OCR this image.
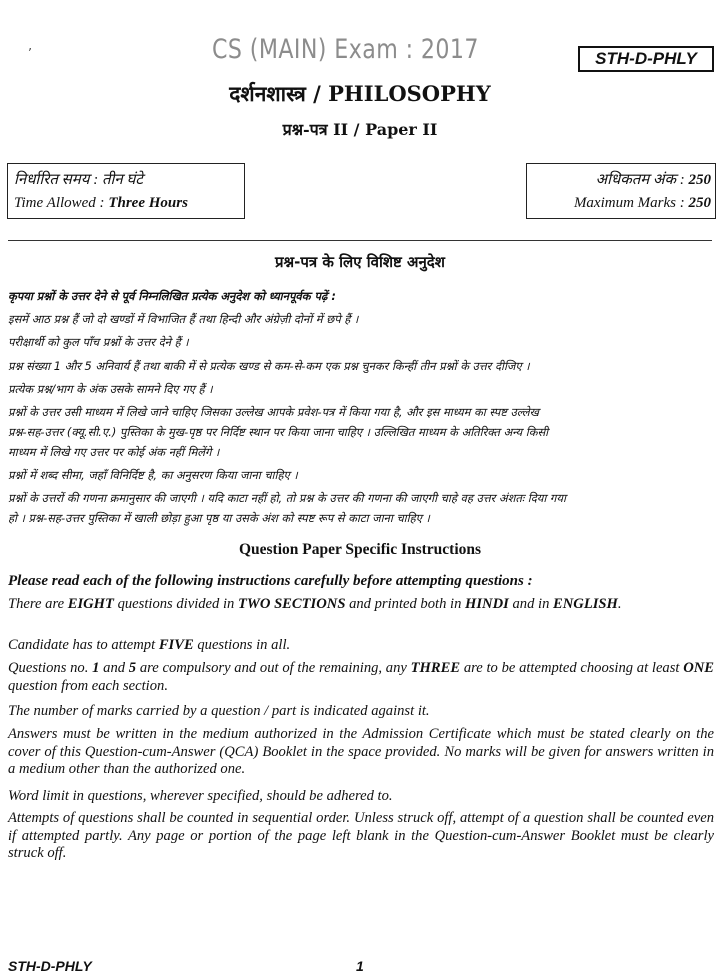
’	CS (MAIN) Exam : 2017	STH-D-PHLY
दर्शनशास्त्र / PHILOSOPHY
प्रश्न-पत्र II / Paper II
निर्धारित समय : तीन घंटे
Time Allowed : Three Hours
अधिकतम अंक : 250
Maximum Marks : 250
प्रश्न-पत्र के लिए विशिष्ट अनुदेश
कृपया प्रश्नों के उत्तर देने से पूर्व निम्नलिखित प्रत्येक अनुदेश को ध्यानपूर्वक पढ़ें :
इसमें आठ प्रश्न हैं जो दो खण्डों में विभाजित हैं तथा हिन्दी और अंग्रेज़ी दोनों में छपे हैं ।
परीक्षार्थी को कुल पाँच प्रश्नों के उत्तर देने हैं ।
प्रश्न संख्या 1 और 5 अनिवार्य हैं तथा बाकी में से प्रत्येक खण्ड से कम-से-कम एक प्रश्न चुनकर किन्हीं तीन प्रश्नों के उत्तर दीजिए ।
प्रत्येक प्रश्न/भाग के अंक उसके सामने दिए गए हैं ।
प्रश्नों के उत्तर उसी माध्यम में लिखे जाने चाहिए जिसका उल्लेख आपके प्रवेश-पत्र में किया गया है, और इस माध्यम का स्पष्ट उल्लेख
प्रश्न-सह-उत्तर (क्यू.सी.ए.) पुस्तिका के मुख-पृष्ठ पर निर्दिष्ट स्थान पर किया जाना चाहिए । उल्लिखित माध्यम के अतिरिक्त अन्य किसी
माध्यम में लिखे गए उत्तर पर कोई अंक नहीं मिलेंगे ।
प्रश्नों में शब्द सीमा, जहाँ विनिर्दिष्ट है, का अनुसरण किया जाना चाहिए ।
प्रश्नों के उत्तरों की गणना क्रमानुसार की जाएगी । यदि काटा नहीं हो, तो प्रश्न के उत्तर की गणना की जाएगी चाहे वह उत्तर अंशतः दिया गया
हो । प्रश्न-सह-उत्तर पुस्तिका में खाली छोड़ा हुआ पृष्ठ या उसके अंश को स्पष्ट रूप से काटा जाना चाहिए ।
Question Paper Specific Instructions
Please read each of the following instructions carefully before attempting questions :
There are EIGHT questions divided in TWO SECTIONS and printed both in HINDI and in ENGLISH.
Candidate has to attempt FIVE questions in all.
Questions no. 1 and 5 are compulsory and out of the remaining, any THREE are to be attempted choosing at least ONE question from each section.
The number of marks carried by a question / part is indicated against it.
Answers must be written in the medium authorized in the Admission Certificate which must be stated clearly on the cover of this Question-cum-Answer (QCA) Booklet in the space provided. No marks will be given for answers written in a medium other than the authorized one.
Word limit in questions, wherever specified, should be adhered to.
Attempts of questions shall be counted in sequential order. Unless struck off, attempt of a question shall be counted even if attempted partly. Any page or portion of the page left blank in the Question-cum-Answer Booklet must be clearly struck off.
STH-D-PHLY	1
